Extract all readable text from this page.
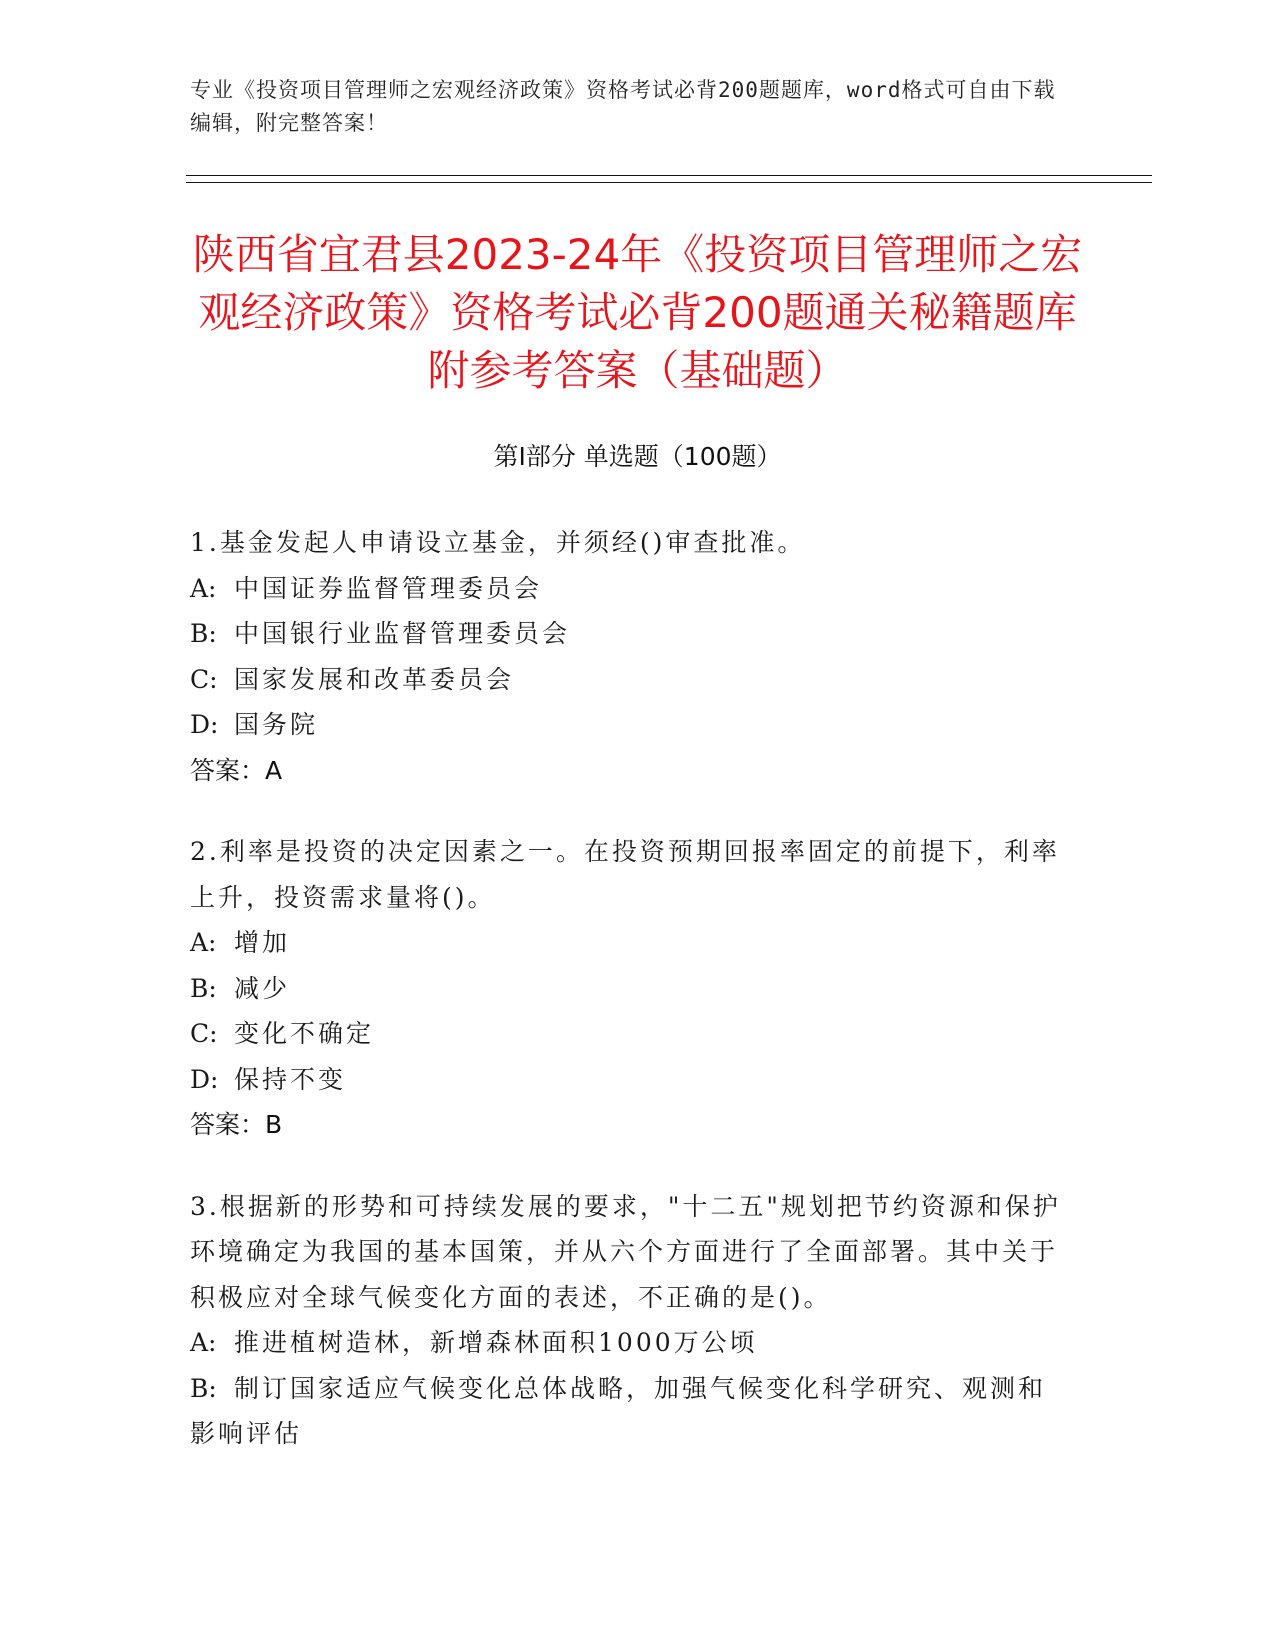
专业《投资项目管理师之宏观经济政策》资格考试必背200题题库，word格式可自由下载编辑，附完整答案！
陕西省宜君县2023-24年《投资项目管理师之宏观经济政策》资格考试必背200题通关秘籍题库附参考答案（基础题）
第Ⅰ部分 单选题（100题）
1.基金发起人申请设立基金，并须经()审查批准。
A: 中国证券监督管理委员会
B: 中国银行业监督管理委员会
C: 国家发展和改革委员会
D: 国务院
答案：A
2.利率是投资的决定因素之一。在投资预期回报率固定的前提下，利率上升，投资需求量将()。
A: 增加
B: 减少
C: 变化不确定
D: 保持不变
答案：B
3.根据新的形势和可持续发展的要求，"十二五"规划把节约资源和保护环境确定为我国的基本国策，并从六个方面进行了全面部署。其中关于积极应对全球气候变化方面的表述，不正确的是()。
A: 推进植树造林，新增森林面积1000万公顷
B: 制订国家适应气候变化总体战略，加强气候变化科学研究、观测和影响评估
